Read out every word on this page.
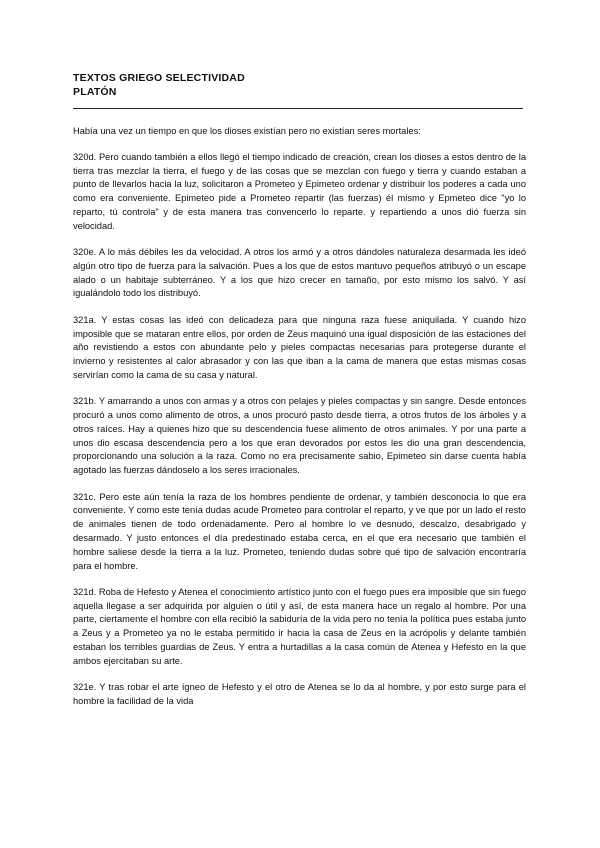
TEXTOS GRIEGO SELECTIVIDAD

PLATÓN

Había una vez un tiempo en que los dioses existían pero no existían seres mortales:

320d. Pero cuando también a ellos llegó el tiempo indicado de creación, crean los dioses a estos dentro de la tierra tras mezclar la tierra, el fuego y de las cosas que se mezclan con fuego y tierra y cuando estaban a punto de llevarlos hacia la luz, solicitaron a Prometeo y Epimeteo ordenar y distribuir los poderes a cada uno como era conveniente. Epimeteo pide a Prometeo repartir (las fuerzas) él mismo y Epmeteo dice "yo lo reparto, tú controla" y de esta manera tras convencerlo lo reparte. y repartiendo a unos dió fuerza sin velocidad.

320e. A lo más débiles les da velocidad. A otros los armó y a otros dándoles naturaleza desarmada les ideó algún otro tipo de fuerza para la salvación. Pues a los que de estos mantuvo pequeños atribuyó o un escape alado o un habitaje subterráneo. Y a los que hizo crecer en tamaño, por esto mismo los salvó. Y así igualándolo todo los distribuyó.

321a. Y estas cosas las ideó con delicadeza para que ninguna raza fuese aniquilada. Y cuando hizo imposible que se mataran entre ellos, por orden de Zeus maquinó una igual disposición de las estaciones del año revistiendo a estos con abundante pelo y pieles compactas necesarias para protegerse durante el invierno y resistentes al calor abrasador y con las que iban a la cama de manera que estas mismas cosas servirían como la cama de su casa y natural.

321b. Y amarrando a unos con armas y a otros con pelajes y pieles compactas y sin sangre. Desde entonces procuró a unos como alimento de otros, a unos procuró pasto desde tierra, a otros frutos de los árboles y a otros raíces. Hay a quienes hizo que su descendencia fuese alimento de otros animales. Y por una parte a unos dio escasa descendencia pero a los que eran devorados por estos les dio una gran descendencia, proporcionando una solución a la raza. Como no era precisamente sabio, Epimeteo sin darse cuenta había agotado las fuerzas dándoselo a los seres irracionales.

321c. Pero este aún tenía la raza de los hombres pendiente de ordenar, y también desconocía lo que era conveniente. Y como este tenía dudas acude Prometeo para controlar el reparto, y ve que por un lado el resto
de animales tienen de todo ordenadamente. Pero al hombre lo ve desnudo, descalzo, desabrigado y desarmado. Y justo entonces el día predestinado estaba cerca, en el que era necesario que también el hombre saliese desde la tierra a la luz. Prometeo, teniendo dudas sobre qué tipo de salvación encontraría para el hombre.

321d. Roba de Hefesto y Atenea el conocimiento artístico junto con el fuego pues era imposible que sin fuego aquella llegase a ser adquirida por alguien o útil y así, de esta manera hace un regalo al hombre. Por una parte, ciertamente el hombre con ella recibió la sabiduría de la vida pero no tenía la política pues estaba junto a Zeus y a Prometeo ya no le estaba permitido ir hacia la casa de Zeus en la acrópolis y delante también estaban los terribles guardias de Zeus. Y entra a hurtadillas a la casa común de Atenea y Hefesto en la que ambos ejercitaban su arte.

321e. Y tras robar el arte ígneo de Hefesto y el otro de Atenea se lo da al hombre, y por esto surge para el hombre la facilidad de la vida
